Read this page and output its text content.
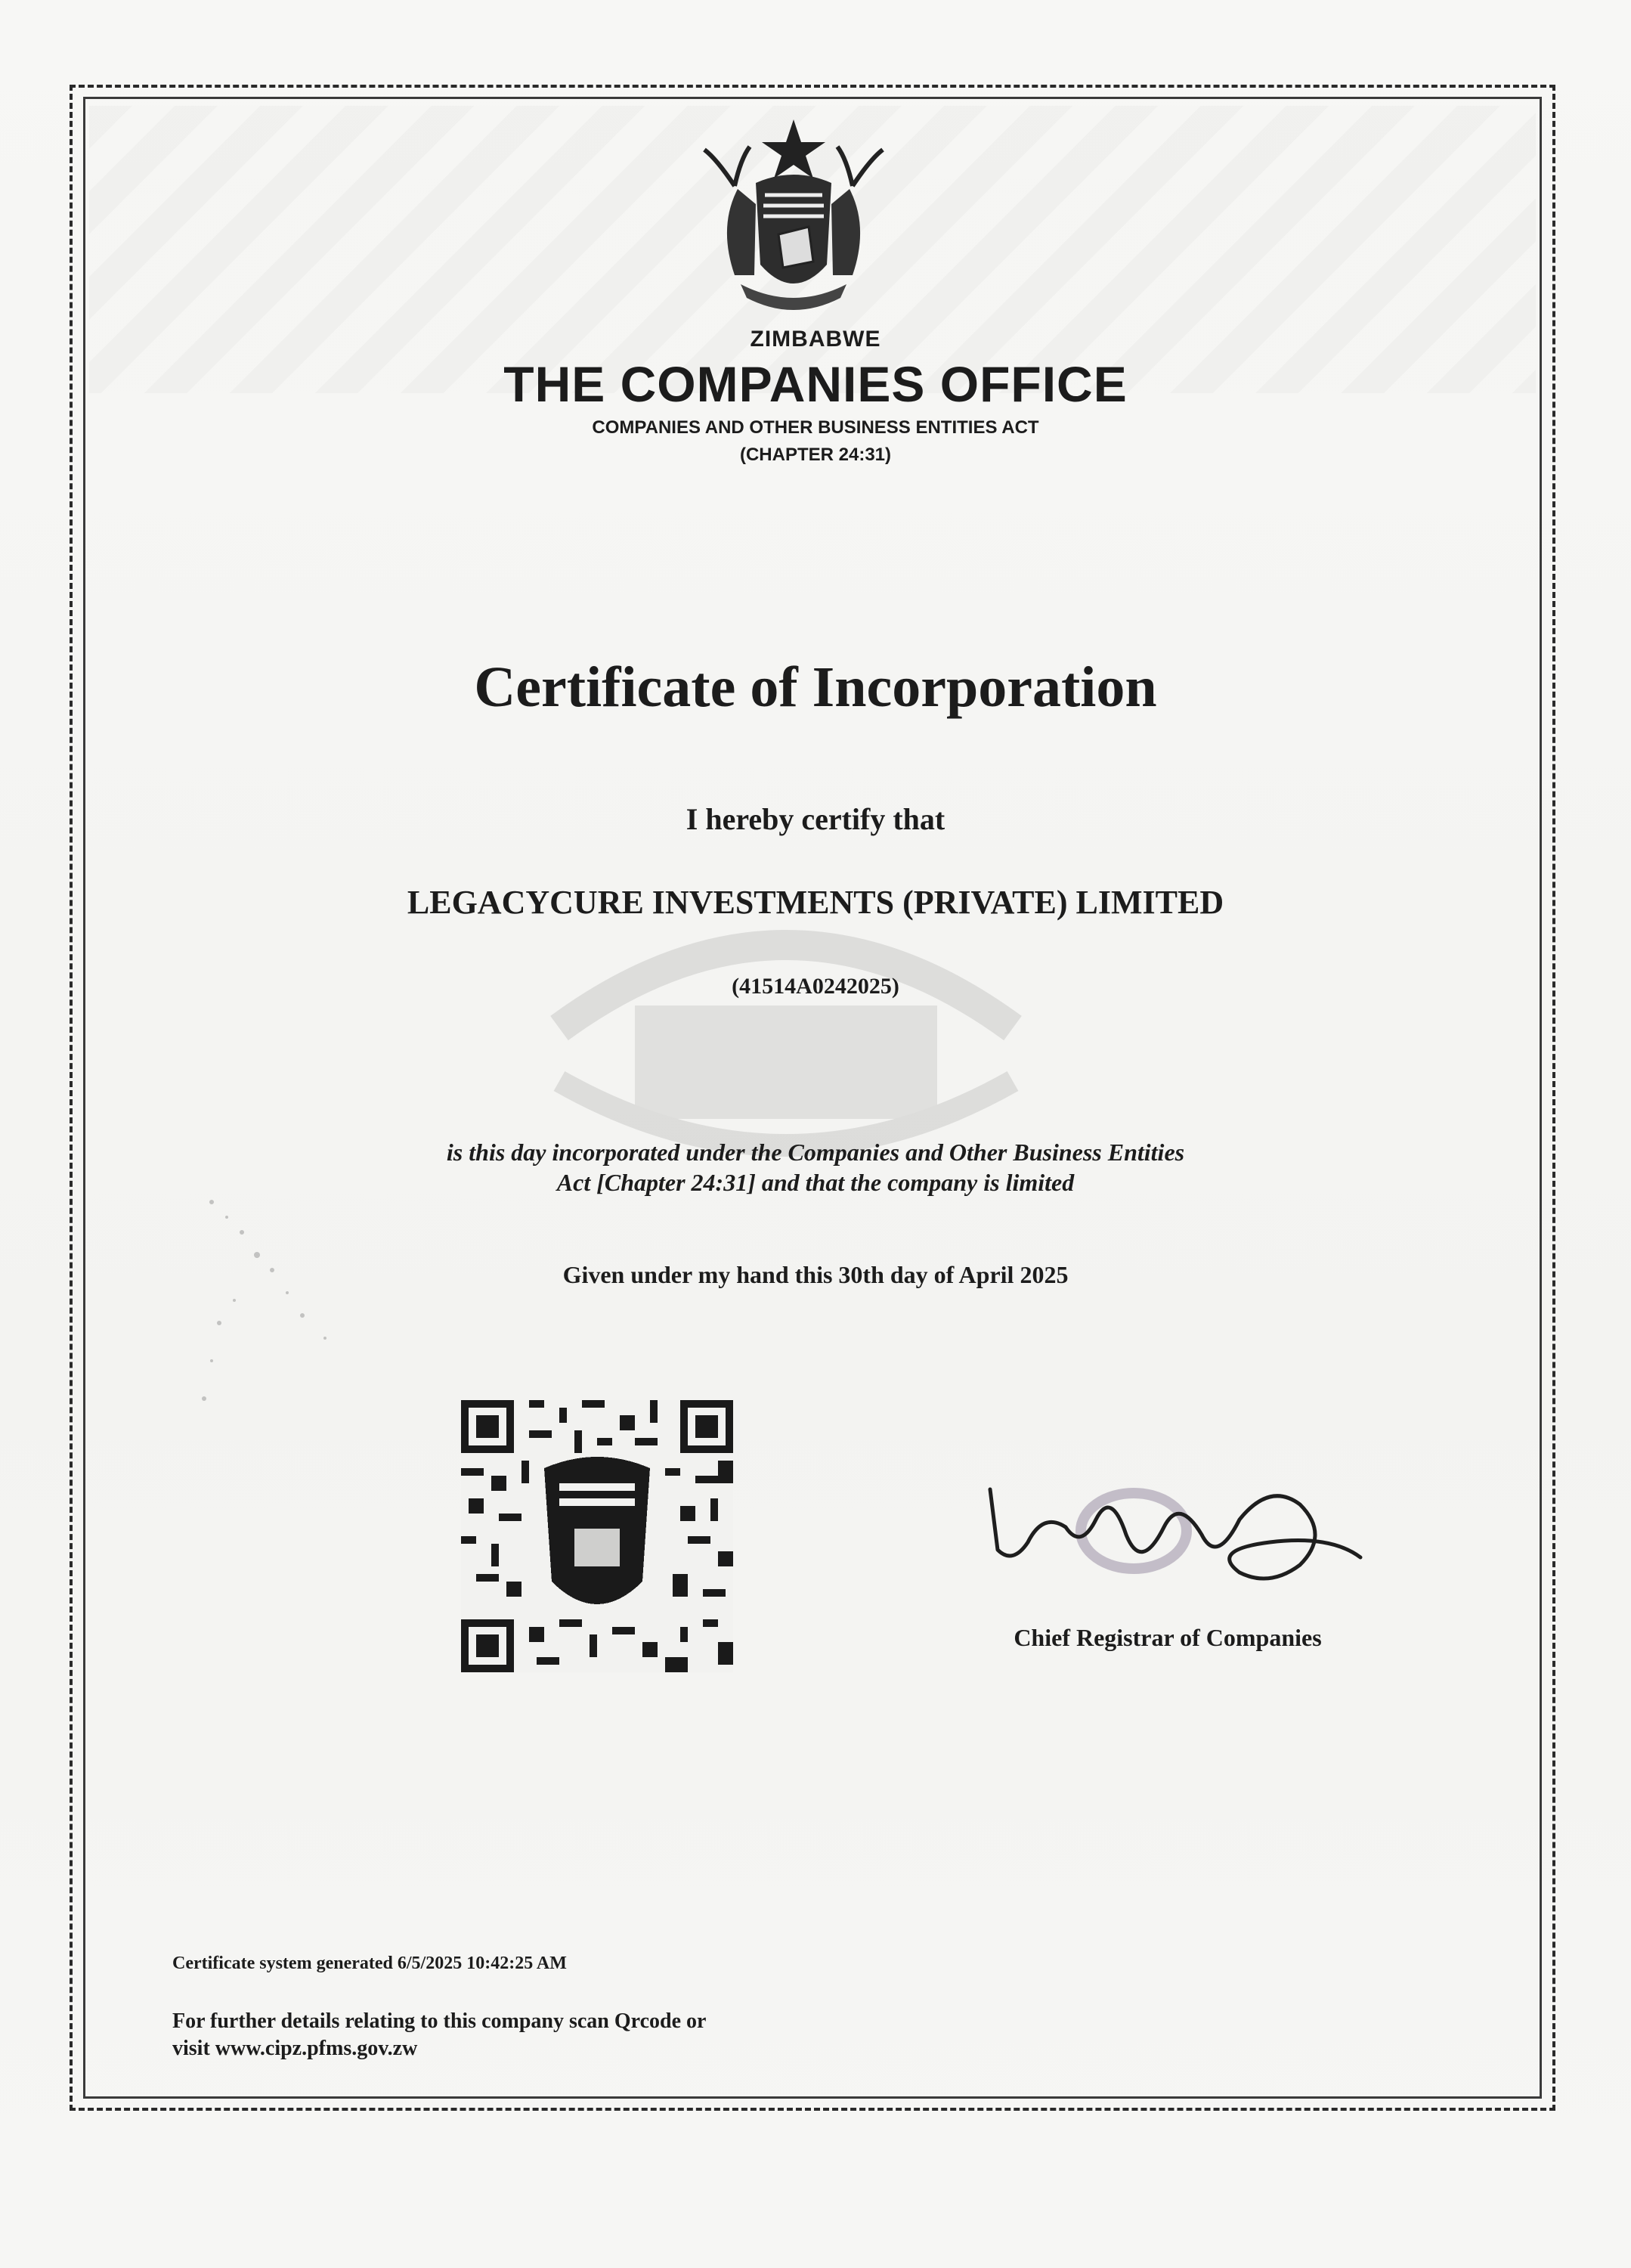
ZIMBABWE

THE COMPANIES OFFICE

COMPANIES AND OTHER BUSINESS ENTITIES ACT

(CHAPTER 24:31)

Certificate of Incorporation

I hereby certify that

LEGACYCURE INVESTMENTS (PRIVATE) LIMITED

(41514A0242025)

is this day incorporated under the Companies and Other Business Entities

Act [Chapter 24:31] and that the company is limited

Given under my hand this 30th day of April 2025

Chief Registrar of Companies

Certificate system generated 6/5/2025 10:42:25 AM

For further details relating to this company scan Qrcode or

visit www.cipz.pfms.gov.zw
